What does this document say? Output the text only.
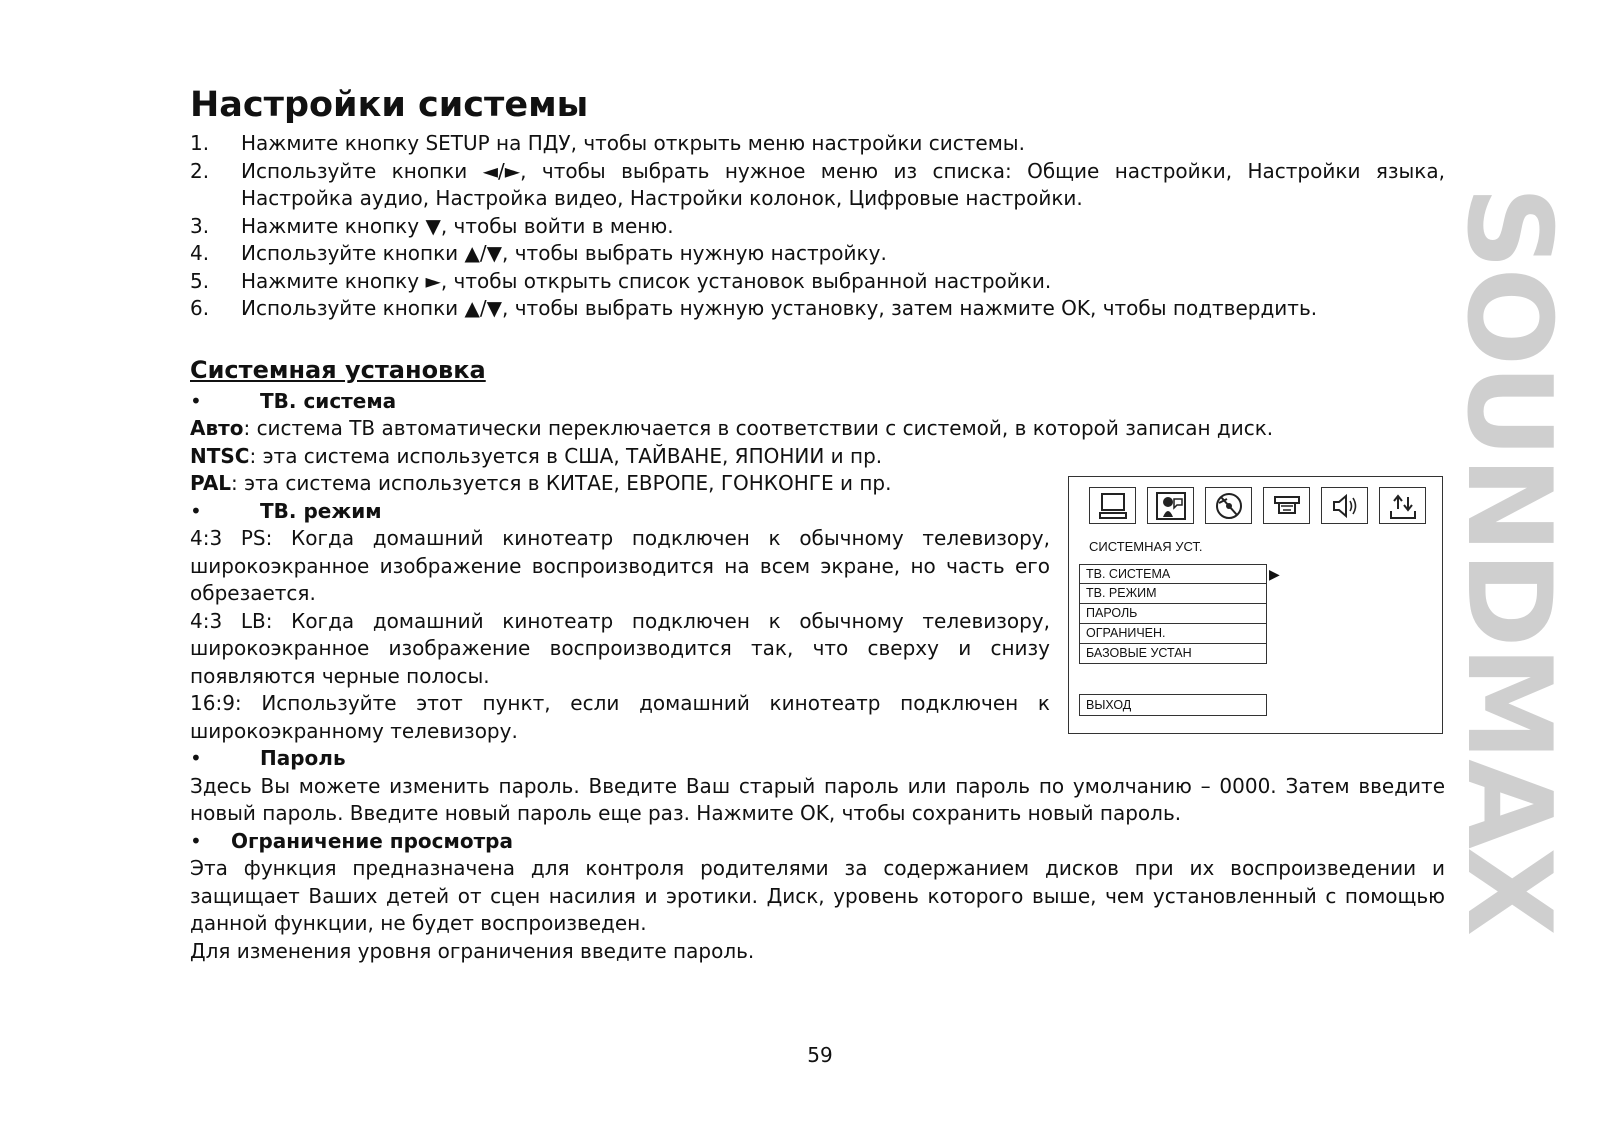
Настройки системы
1.	Нажмите кнопку SETUP на ПДУ, чтобы открыть меню настройки системы.
2.	Используйте кнопки ◄/►, чтобы выбрать нужное меню из списка: Общие настройки, Настройки языка, Настройка аудио, Настройка видео, Настройки колонок, Цифровые настройки.
3.	Нажмите кнопку ▼, чтобы войти в меню.
4.	Используйте кнопки ▲/▼, чтобы выбрать нужную настройку.
5.	Нажмите кнопку ►, чтобы открыть список установок выбранной настройки.
6.	Используйте кнопки ▲/▼, чтобы выбрать нужную установку, затем нажмите OK, чтобы подтвердить.
Системная установка
•	ТВ. система

Авто: система ТВ автоматически переключается в соответствии с системой, в которой записан диск.

NTSC: эта система используется в США, ТАЙВАНЕ, ЯПОНИИ и пр.

PAL: эта система используется в КИТАЕ, ЕВРОПЕ, ГОНКОНГЕ и пр.

•	ТВ. режим

4:3 PS: Когда домашний кинотеатр подключен к обычному телевизору, широкоэкранное изображение воспроизводится на всем экране, но часть его обрезается.

4:3 LB: Когда домашний кинотеатр подключен к обычному телевизору, широкоэкранное изображение воспроизводится так, что сверху и снизу появляются черные полосы.

16:9: Используйте этот пункт, если домашний кинотеатр подключен к широкоэкранному телевизору.

•	Пароль

Здесь Вы можете изменить пароль. Введите Ваш старый пароль или пароль по умолчанию – 0000. Затем введите новый пароль. Введите новый пароль еще раз. Нажмите OK, чтобы сохранить новый пароль.

•	Ограничение просмотра

Эта функция предназначена для контроля родителями за содержанием дисков при их воспроизведении и защищает Ваших детей от сцен насилия и эротики. Диск, уровень которого выше, чем установленный с помощью данной функции, не будет воспроизведен.

Для изменения уровня ограничения введите пароль.

СИСТЕМНАЯ УСТ.
ТВ. СИСТЕМА
ТВ. РЕЖИМ
ПАРОЛЬ
ОГРАНИЧЕН.
БАЗОВЫЕ УСТАН
▶
ВЫХОД
59
SOUNDMAX
